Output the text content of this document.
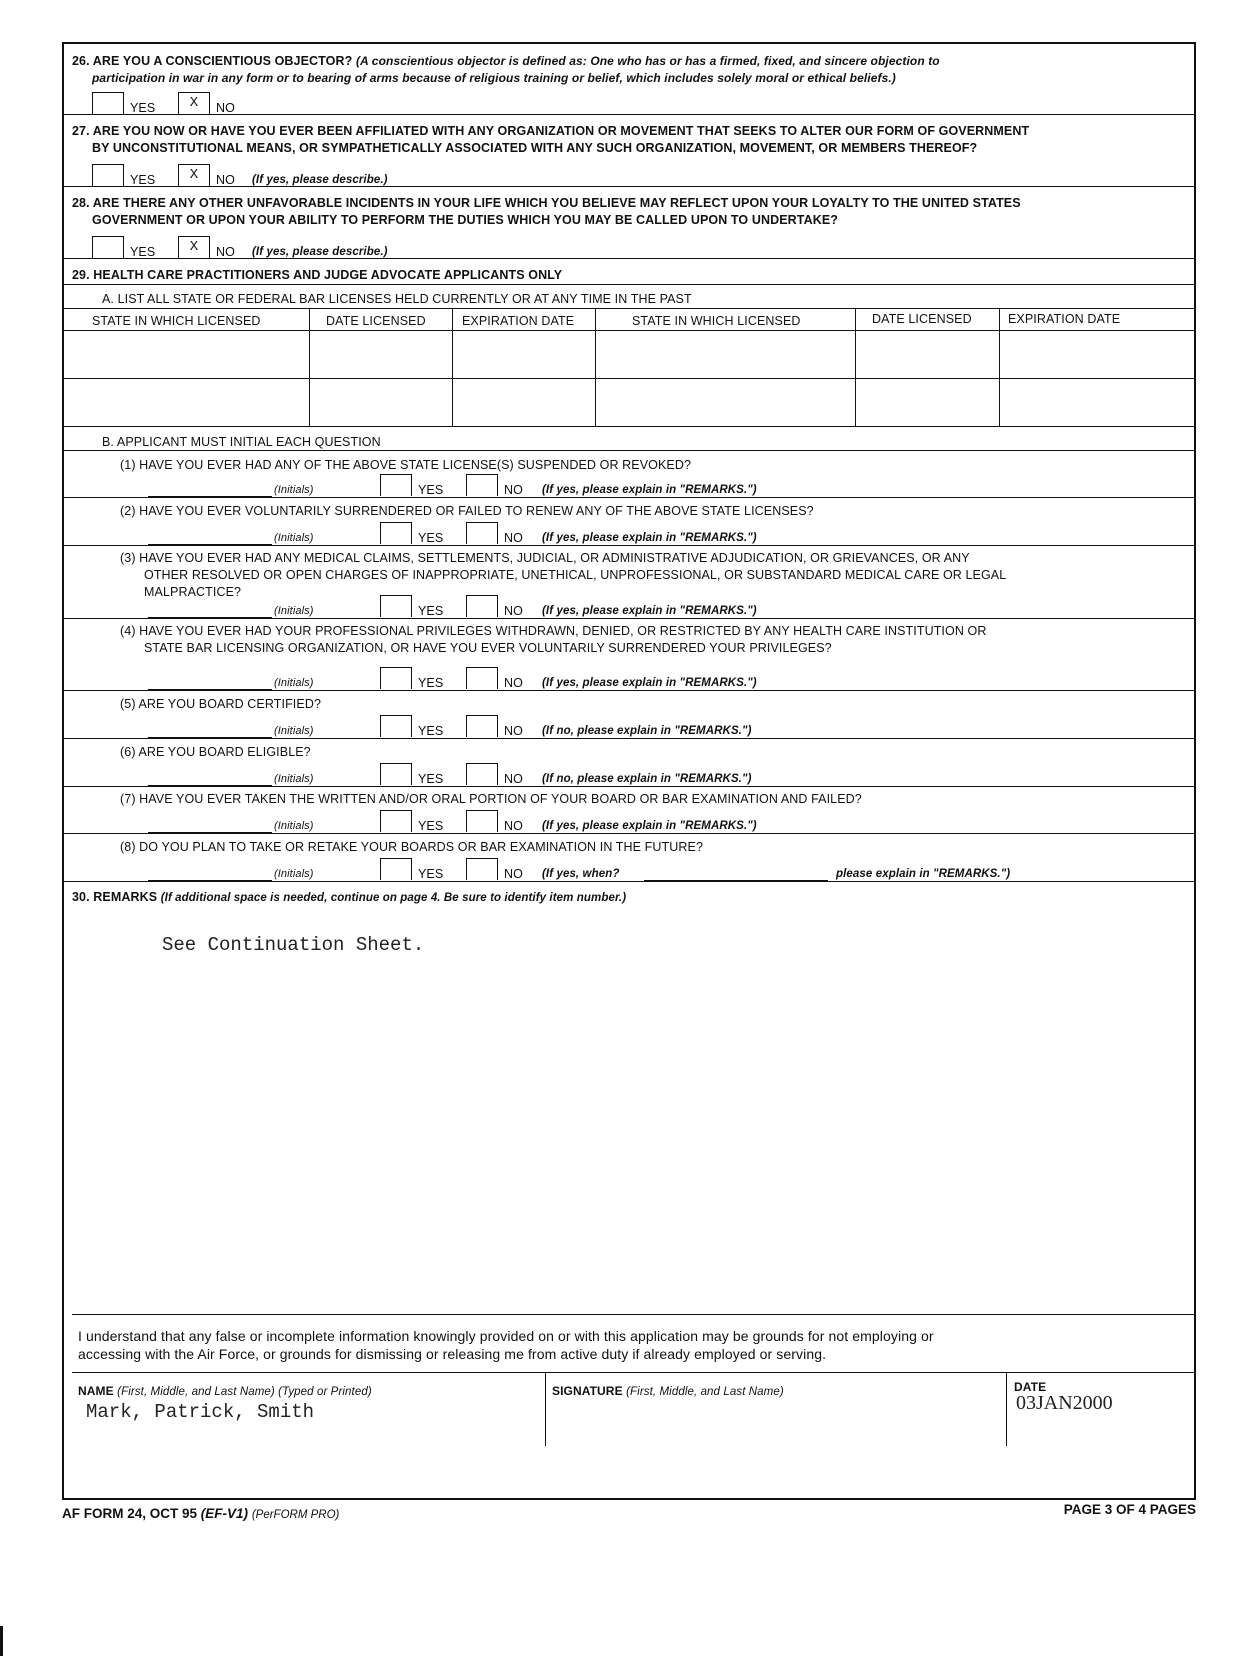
26. ARE YOU A CONSCIENTIOUS OBJECTOR? (A conscientious objector is defined as: One who has or has a firmed, fixed, and sincere objection to
participation in war in any form or to bearing of arms because of religious training or belief, which includes solely moral or ethical beliefs.)
YES	X	NO
27. ARE YOU NOW OR HAVE YOU EVER BEEN AFFILIATED WITH ANY ORGANIZATION OR MOVEMENT THAT SEEKS TO ALTER OUR FORM OF GOVERNMENT
BY UNCONSTITUTIONAL MEANS, OR SYMPATHETICALLY ASSOCIATED WITH ANY SUCH ORGANIZATION, MOVEMENT, OR MEMBERS THEREOF?
YES	X	NO (If yes, please describe.)
28. ARE THERE ANY OTHER UNFAVORABLE INCIDENTS IN YOUR LIFE WHICH YOU BELIEVE MAY REFLECT UPON YOUR LOYALTY TO THE UNITED STATES
GOVERNMENT OR UPON YOUR ABILITY TO PERFORM THE DUTIES WHICH YOU MAY BE CALLED UPON TO UNDERTAKE?
YES	X	NO (If yes, please describe.)
29. HEALTH CARE PRACTITIONERS AND JUDGE ADVOCATE APPLICANTS ONLY
A. LIST ALL STATE OR FEDERAL BAR LICENSES HELD CURRENTLY OR AT ANY TIME IN THE PAST
STATE IN WHICH LICENSED	DATE LICENSED	EXPIRATION DATE	STATE IN WHICH LICENSED	DATE LICENSED	EXPIRATION DATE
B. APPLICANT MUST INITIAL EACH QUESTION
(1) HAVE YOU EVER HAD ANY OF THE ABOVE STATE LICENSE(S) SUSPENDED OR REVOKED?
(Initials)	YES	NO (If yes, please explain in "REMARKS.")
(2) HAVE YOU EVER VOLUNTARILY SURRENDERED OR FAILED TO RENEW ANY OF THE ABOVE STATE LICENSES?
(Initials)	YES	NO (If yes, please explain in "REMARKS.")
(3) HAVE YOU EVER HAD ANY MEDICAL CLAIMS, SETTLEMENTS, JUDICIAL, OR ADMINISTRATIVE ADJUDICATION, OR GRIEVANCES, OR ANY
OTHER RESOLVED OR OPEN CHARGES OF INAPPROPRIATE, UNETHICAL, UNPROFESSIONAL, OR SUBSTANDARD MEDICAL CARE OR LEGAL
MALPRACTICE?
(Initials)	YES	NO (If yes, please explain in "REMARKS.")
(4) HAVE YOU EVER HAD YOUR PROFESSIONAL PRIVILEGES WITHDRAWN, DENIED, OR RESTRICTED BY ANY HEALTH CARE INSTITUTION OR
STATE BAR LICENSING ORGANIZATION, OR HAVE YOU EVER VOLUNTARILY SURRENDERED YOUR PRIVILEGES?
(Initials)	YES	NO (If yes, please explain in "REMARKS.")
(5) ARE YOU BOARD CERTIFIED?
(Initials)	YES	NO (If no, please explain in "REMARKS.")
(6) ARE YOU BOARD ELIGIBLE?
(Initials)	YES	NO (If no, please explain in "REMARKS.")
(7) HAVE YOU EVER TAKEN THE WRITTEN AND/OR ORAL PORTION OF YOUR BOARD OR BAR EXAMINATION AND FAILED?
(Initials)	YES	NO (If yes, please explain in "REMARKS.")
(8) DO YOU PLAN TO TAKE OR RETAKE YOUR BOARDS OR BAR EXAMINATION IN THE FUTURE?
(Initials)	YES	NO (If yes, when?	please explain in "REMARKS.")
30. REMARKS (If additional space is needed, continue on page 4. Be sure to identify item number.)
See Continuation Sheet.
I understand that any false or incomplete information knowingly provided on or with this application may be grounds for not employing or
accessing with the Air Force, or grounds for dismissing or releasing me from active duty if already employed or serving.
NAME (First, Middle, and Last Name) (Typed or Printed)
Mark, Patrick, Smith
SIGNATURE (First, Middle, and Last Name)	DATE
03JAN2000
AF FORM 24, OCT 95 (EF-V1) (PerFORM PRO)	PAGE 3 OF 4 PAGES
